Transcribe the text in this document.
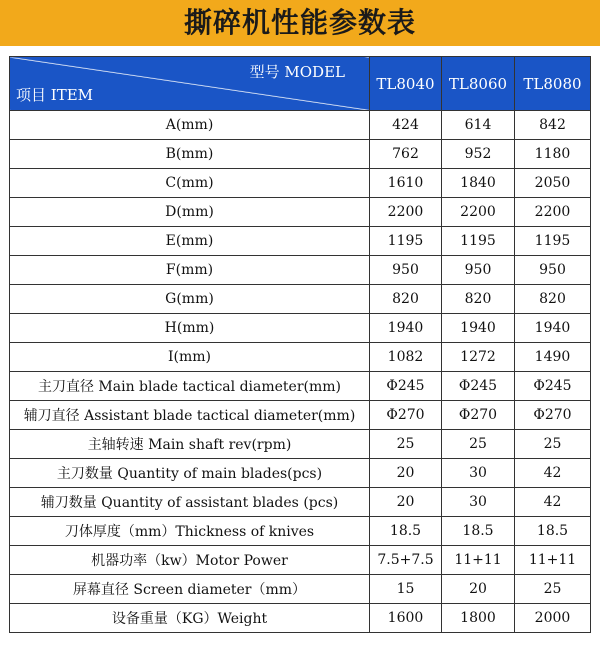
撕碎机性能参数表
型号 MODEL
项目 ITEM	TL8040	TL8060	TL8080
A(mm)	424	614	842
B(mm)	762	952	1180
C(mm)	1610	1840	2050
D(mm)	2200	2200	2200
E(mm)	1195	1195	1195
F(mm)	950	950	950
G(mm)	820	820	820
H(mm)	1940	1940	1940
I(mm)	1082	1272	1490
主刀直径 Main blade tactical diameter(mm)	Φ245	Φ245	Φ245
辅刀直径 Assistant blade tactical diameter(mm)	Φ270	Φ270	Φ270
主轴转速 Main shaft rev(rpm)	25	25	25
主刀数量 Quantity of main blades(pcs)	20	30	42
辅刀数量 Quantity of assistant blades (pcs)	20	30	42
刀体厚度（mm）Thickness of knives	18.5	18.5	18.5
机器功率（kw）Motor Power	7.5+7.5	11+11	11+11
屏幕直径 Screen diameter（mm）	15	20	25
设备重量（KG）Weight	1600	1800	2000
